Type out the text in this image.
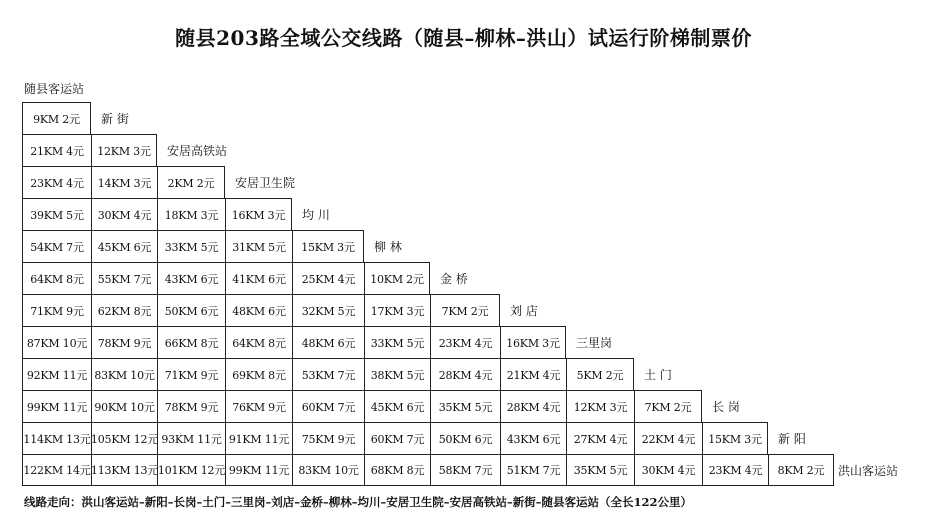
随县203路全域公交线路（随县–柳林–洪山）试运行阶梯制票价
随县客运站
9KM 2元	新 街
21KM 4元	12KM 3元	安居高铁站
23KM 4元	14KM 3元	2KM 2元	安居卫生院
39KM 5元	30KM 4元	18KM 3元	16KM 3元	均 川
54KM 7元	45KM 6元	33KM 5元	31KM 5元	15KM 3元	柳 林
64KM 8元	55KM 7元	43KM 6元	41KM 6元	25KM 4元	10KM 2元	金 桥
71KM 9元	62KM 8元	50KM 6元	48KM 6元	32KM 5元	17KM 3元	7KM 2元	刘 店
87KM 10元 78KM 9元	66KM 8元	64KM 8元	48KM 6元	33KM 5元	23KM 4元	16KM 3元	三里岗
92KM 11元 83KM 10元 71KM 9元	69KM 8元	53KM 7元	38KM 5元	28KM 4元	21KM 4元	5KM 2元	土 门
99KM 11元 90KM 10元 78KM 9元	76KM 9元	60KM 7元	45KM 6元	35KM 5元	28KM 4元	12KM 3元	7KM 2元	长 岗
114KM 13元 105KM 12元 93KM 11元 91KM 11元	75KM 9元	60KM 7元	50KM 6元	43KM 6元	27KM 4元	22KM 4元	15KM 3元	新 阳
122KM 14元 113KM 13元 101KM 12元 99KM 11元 83KM 10元	68KM 8元	58KM 7元	51KM 7元	35KM 5元	30KM 4元	23KM 4元	8KM 2元	洪山客运站
线路走向：洪山客运站–新阳–长岗–土门–三里岗–刘店–金桥–柳林–均川–安居卫生院–安居高铁站–新街–随县客运站（全长122公里）
